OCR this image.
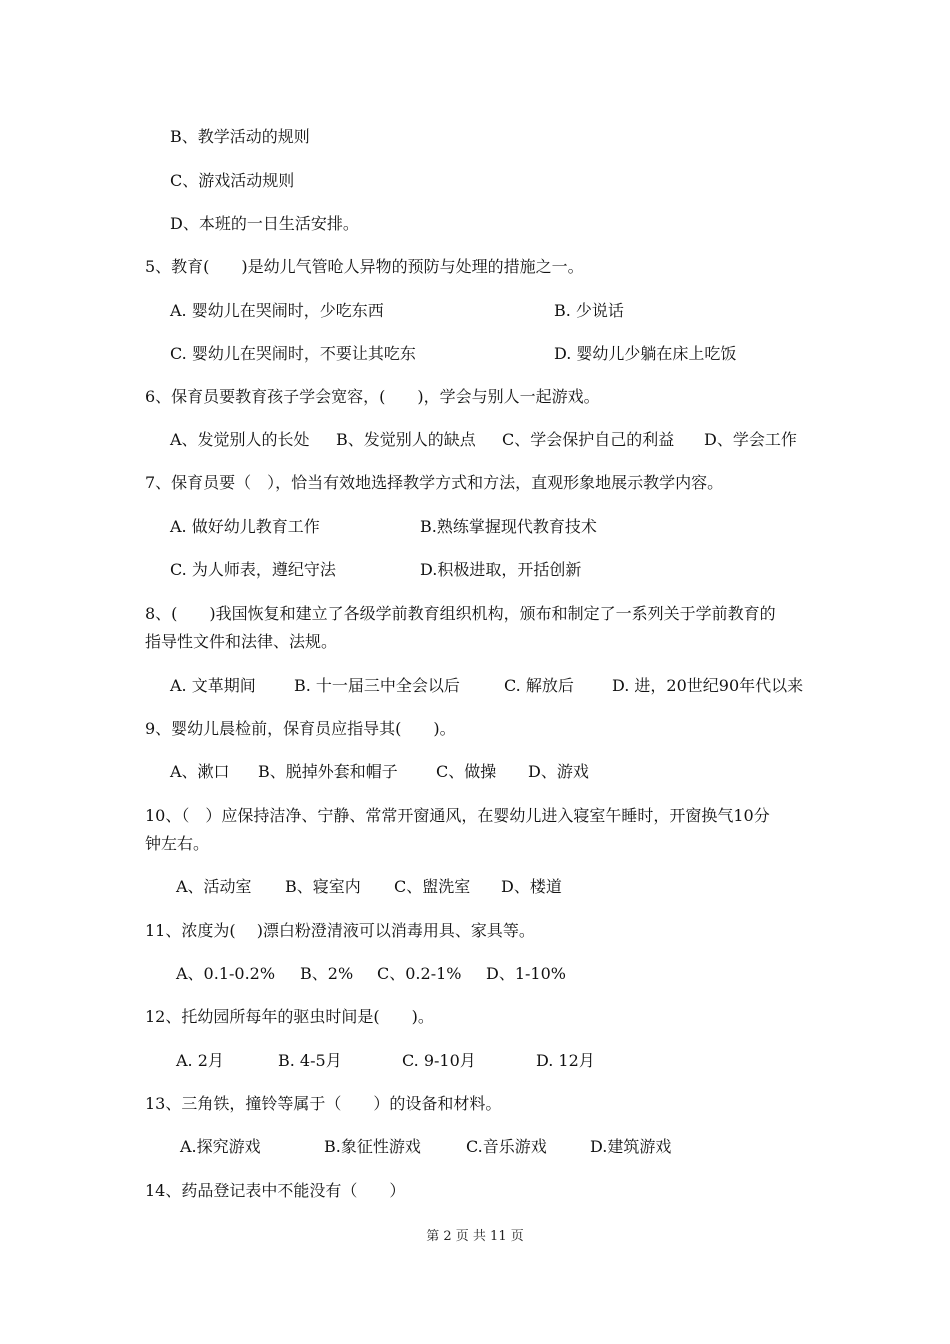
B、教学活动的规则
C、游戏活动规则
D、本班的一日生活安排。
5、教育(　　)是幼儿气管呛人异物的预防与处理的措施之一。
A. 婴幼儿在哭闹时，少吃东西	B. 少说话
C. 婴幼儿在哭闹时，不要让其吃东	D. 婴幼儿少躺在床上吃饭
6、保育员要教育孩子学会宽容，(　　)，学会与别人一起游戏。
A、发觉别人的长处 B、发觉别人的缺点 C、学会保护自己的利益 D、学会工作
7、保育员要（　），恰当有效地选择教学方式和方法，直观形象地展示教学内容。
A. 做好幼儿教育工作	B.熟练掌握现代教育技术
C. 为人师表，遵纪守法	D.积极进取，开括创新
8、(　　)我国恢复和建立了各级学前教育组织机构，颁布和制定了一系列关于学前教育的
指导性文件和法律、法规。
A. 文革期间 B. 十一届三中全会以后	C. 解放后 D. 进，20世纪90年代以来
9、婴幼儿晨检前，保育员应指导其(　　)。
A、漱口 B、脱掉外套和帽子 C、做操 D、游戏
10、（　）应保持洁净、宁静、常常开窗通风，在婴幼儿进入寝室午睡时，开窗换气10分
钟左右。
A、活动室 B、寝室内 C、盥洗室 D、楼道
11、浓度为(　 )漂白粉澄清液可以消毒用具、家具等。
A、0.1-0.2% B、2% C、0.2-1% D、1-10%
12、托幼园所每年的驱虫时间是(　　)。
A. 2月	B. 4-5月	C. 9-10月	D. 12月
13、三角铁，撞铃等属于（　　）的设备和材料。
A.探究游戏	B.象征性游戏	C.音乐游戏	D.建筑游戏
14、药品登记表中不能没有（　　）
第 2 页 共 11 页
